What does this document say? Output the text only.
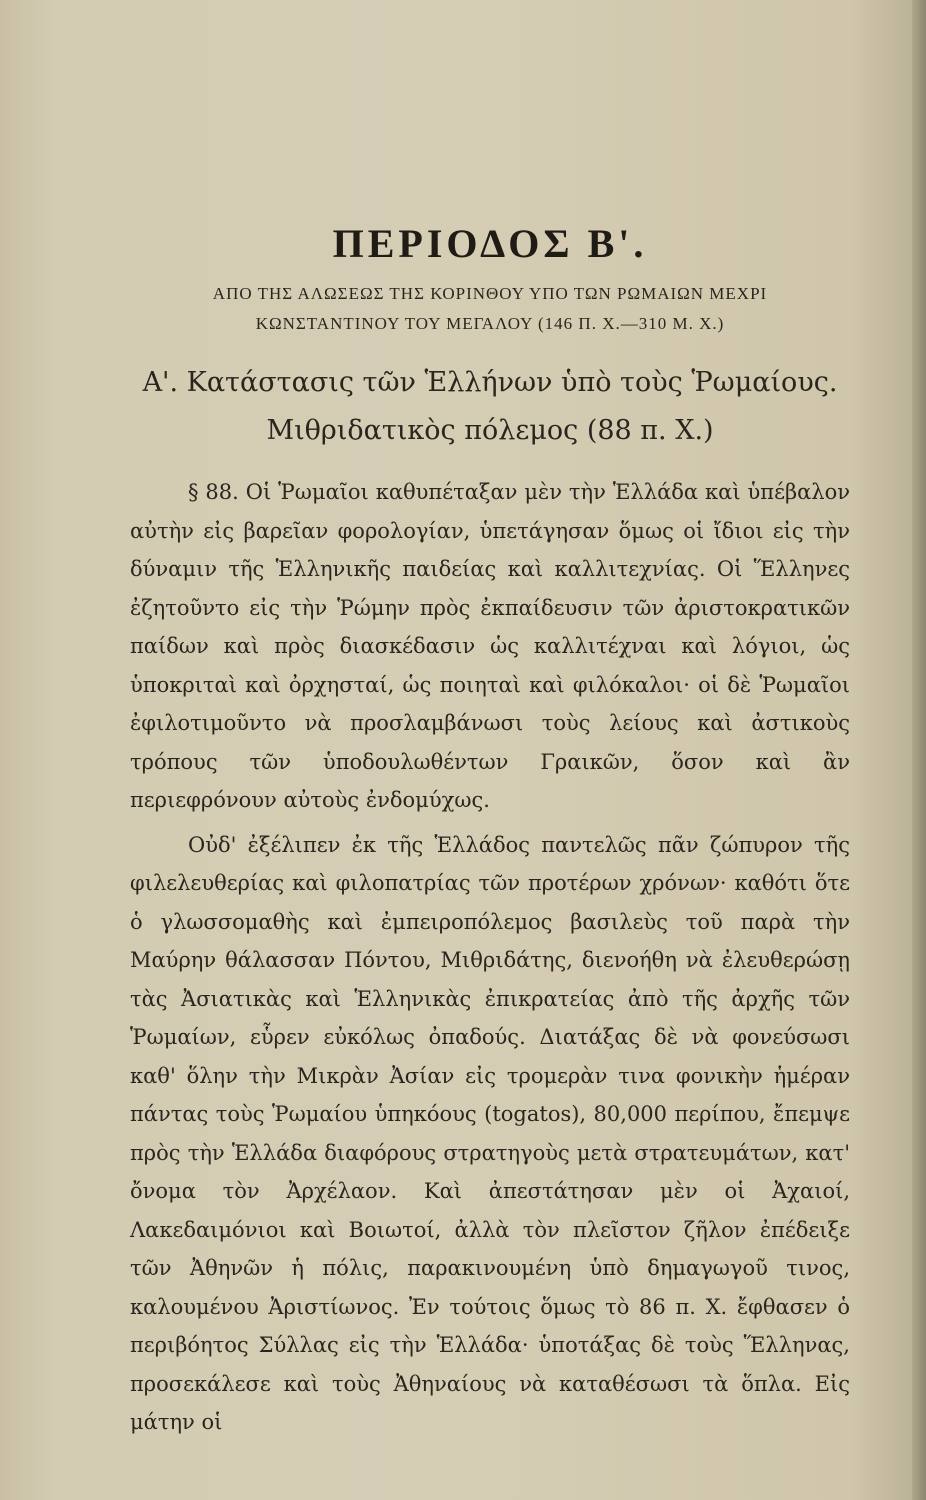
ΠΕΡΙΟΔΟΣ Β'.

ΑΠΟ ΤΗΣ ΑΛΩΣΕΩΣ ΤΗΣ ΚΟΡΙΝΘΟΥ ΥΠΟ ΤΩΝ ΡΩΜΑΙΩΝ ΜΕΧΡΙ

ΚΩΝΣΤΑΝΤΙΝΟΥ ΤΟΥ ΜΕΓΑΛΟΥ (146 Π. Χ.—310 Μ. Χ.)

Α'. Κατάστασις τῶν Ἑλλήνων ὑπὸ τοὺς Ῥωμαίους.
Μιθριδατικὸς πόλεμος (88 π. Χ.)

§ 88. Οἱ Ῥωμαῖοι καθυπέταξαν μὲν τὴν Ἑλλάδα καὶ ὑπέβαλον αὐτὴν εἰς βαρεῖαν φορολογίαν, ὑπετάγησαν ὅμως οἱ ἴδιοι εἰς τὴν δύναμιν τῆς Ἑλληνικῆς παιδείας καὶ καλλιτεχνίας. Οἱ Ἕλληνες ἐζητοῦντο εἰς τὴν Ῥώμην πρὸς ἐκπαίδευσιν τῶν ἀριστοκρατικῶν παίδων καὶ πρὸς διασκέδασιν ὡς καλλιτέχναι καὶ λόγιοι, ὡς ὑποκριταὶ καὶ ὀρχησταί, ὡς ποιηταὶ καὶ φιλόκαλοι· οἱ δὲ Ῥωμαῖοι ἐφιλοτιμοῦντο νὰ προσλαμβάνωσι τοὺς λείους καὶ ἀστικοὺς τρόπους τῶν ὑποδουλωθέντων Γραικῶν, ὅσον καὶ ἂν περιεφρόνουν αὐτοὺς ἐνδομύχως.

Οὐδ' ἐξέλιπεν ἐκ τῆς Ἑλλάδος παντελῶς πᾶν ζώπυρον τῆς φιλελευθερίας καὶ φιλοπατρίας τῶν προτέρων χρόνων· καθότι ὅτε ὁ γλωσσομαθὴς καὶ ἐμπειροπόλεμος βασιλεὺς τοῦ παρὰ τὴν Μαύρην θάλασσαν Πόντου, Μιθριδάτης, διενοήθη νὰ ἐλευθερώσῃ τὰς Ἀσιατικὰς καὶ Ἑλληνικὰς ἐπικρατείας ἀπὸ τῆς ἀρχῆς τῶν Ῥωμαίων, εὗρεν εὐκόλως ὀπαδούς. Διατάξας δὲ νὰ φονεύσωσι καθ' ὅλην τὴν Μικρὰν Ἀσίαν εἰς τρομερὰν τινα φονικὴν ἡμέραν πάντας τοὺς Ῥωμαίου ὑπηκόους (togatos), 80,000 περίπου, ἔπεμψε πρὸς τὴν Ἑλλάδα διαφόρους στρατηγοὺς μετὰ στρατευμάτων, κατ' ὄνομα τὸν Ἀρχέλαον. Καὶ ἀπεστάτησαν μὲν οἱ Ἀχαιοί, Λακεδαιμόνιοι καὶ Βοιωτοί, ἀλλὰ τὸν πλεῖστον ζῆλον ἐπέδειξε τῶν Ἀθηνῶν ἡ πόλις, παρακινουμένη ὑπὸ δημαγωγοῦ τινος, καλουμένου Ἀριστίωνος. Ἐν τούτοις ὅμως τὸ 86 π. Χ. ἔφθασεν ὁ περιβόητος Σύλλας εἰς τὴν Ἑλλάδα· ὑποτάξας δὲ τοὺς Ἕλληνας, προσεκάλεσε καὶ τοὺς Ἀθηναίους νὰ καταθέσωσι τὰ ὅπλα. Εἰς μάτην οἱ
